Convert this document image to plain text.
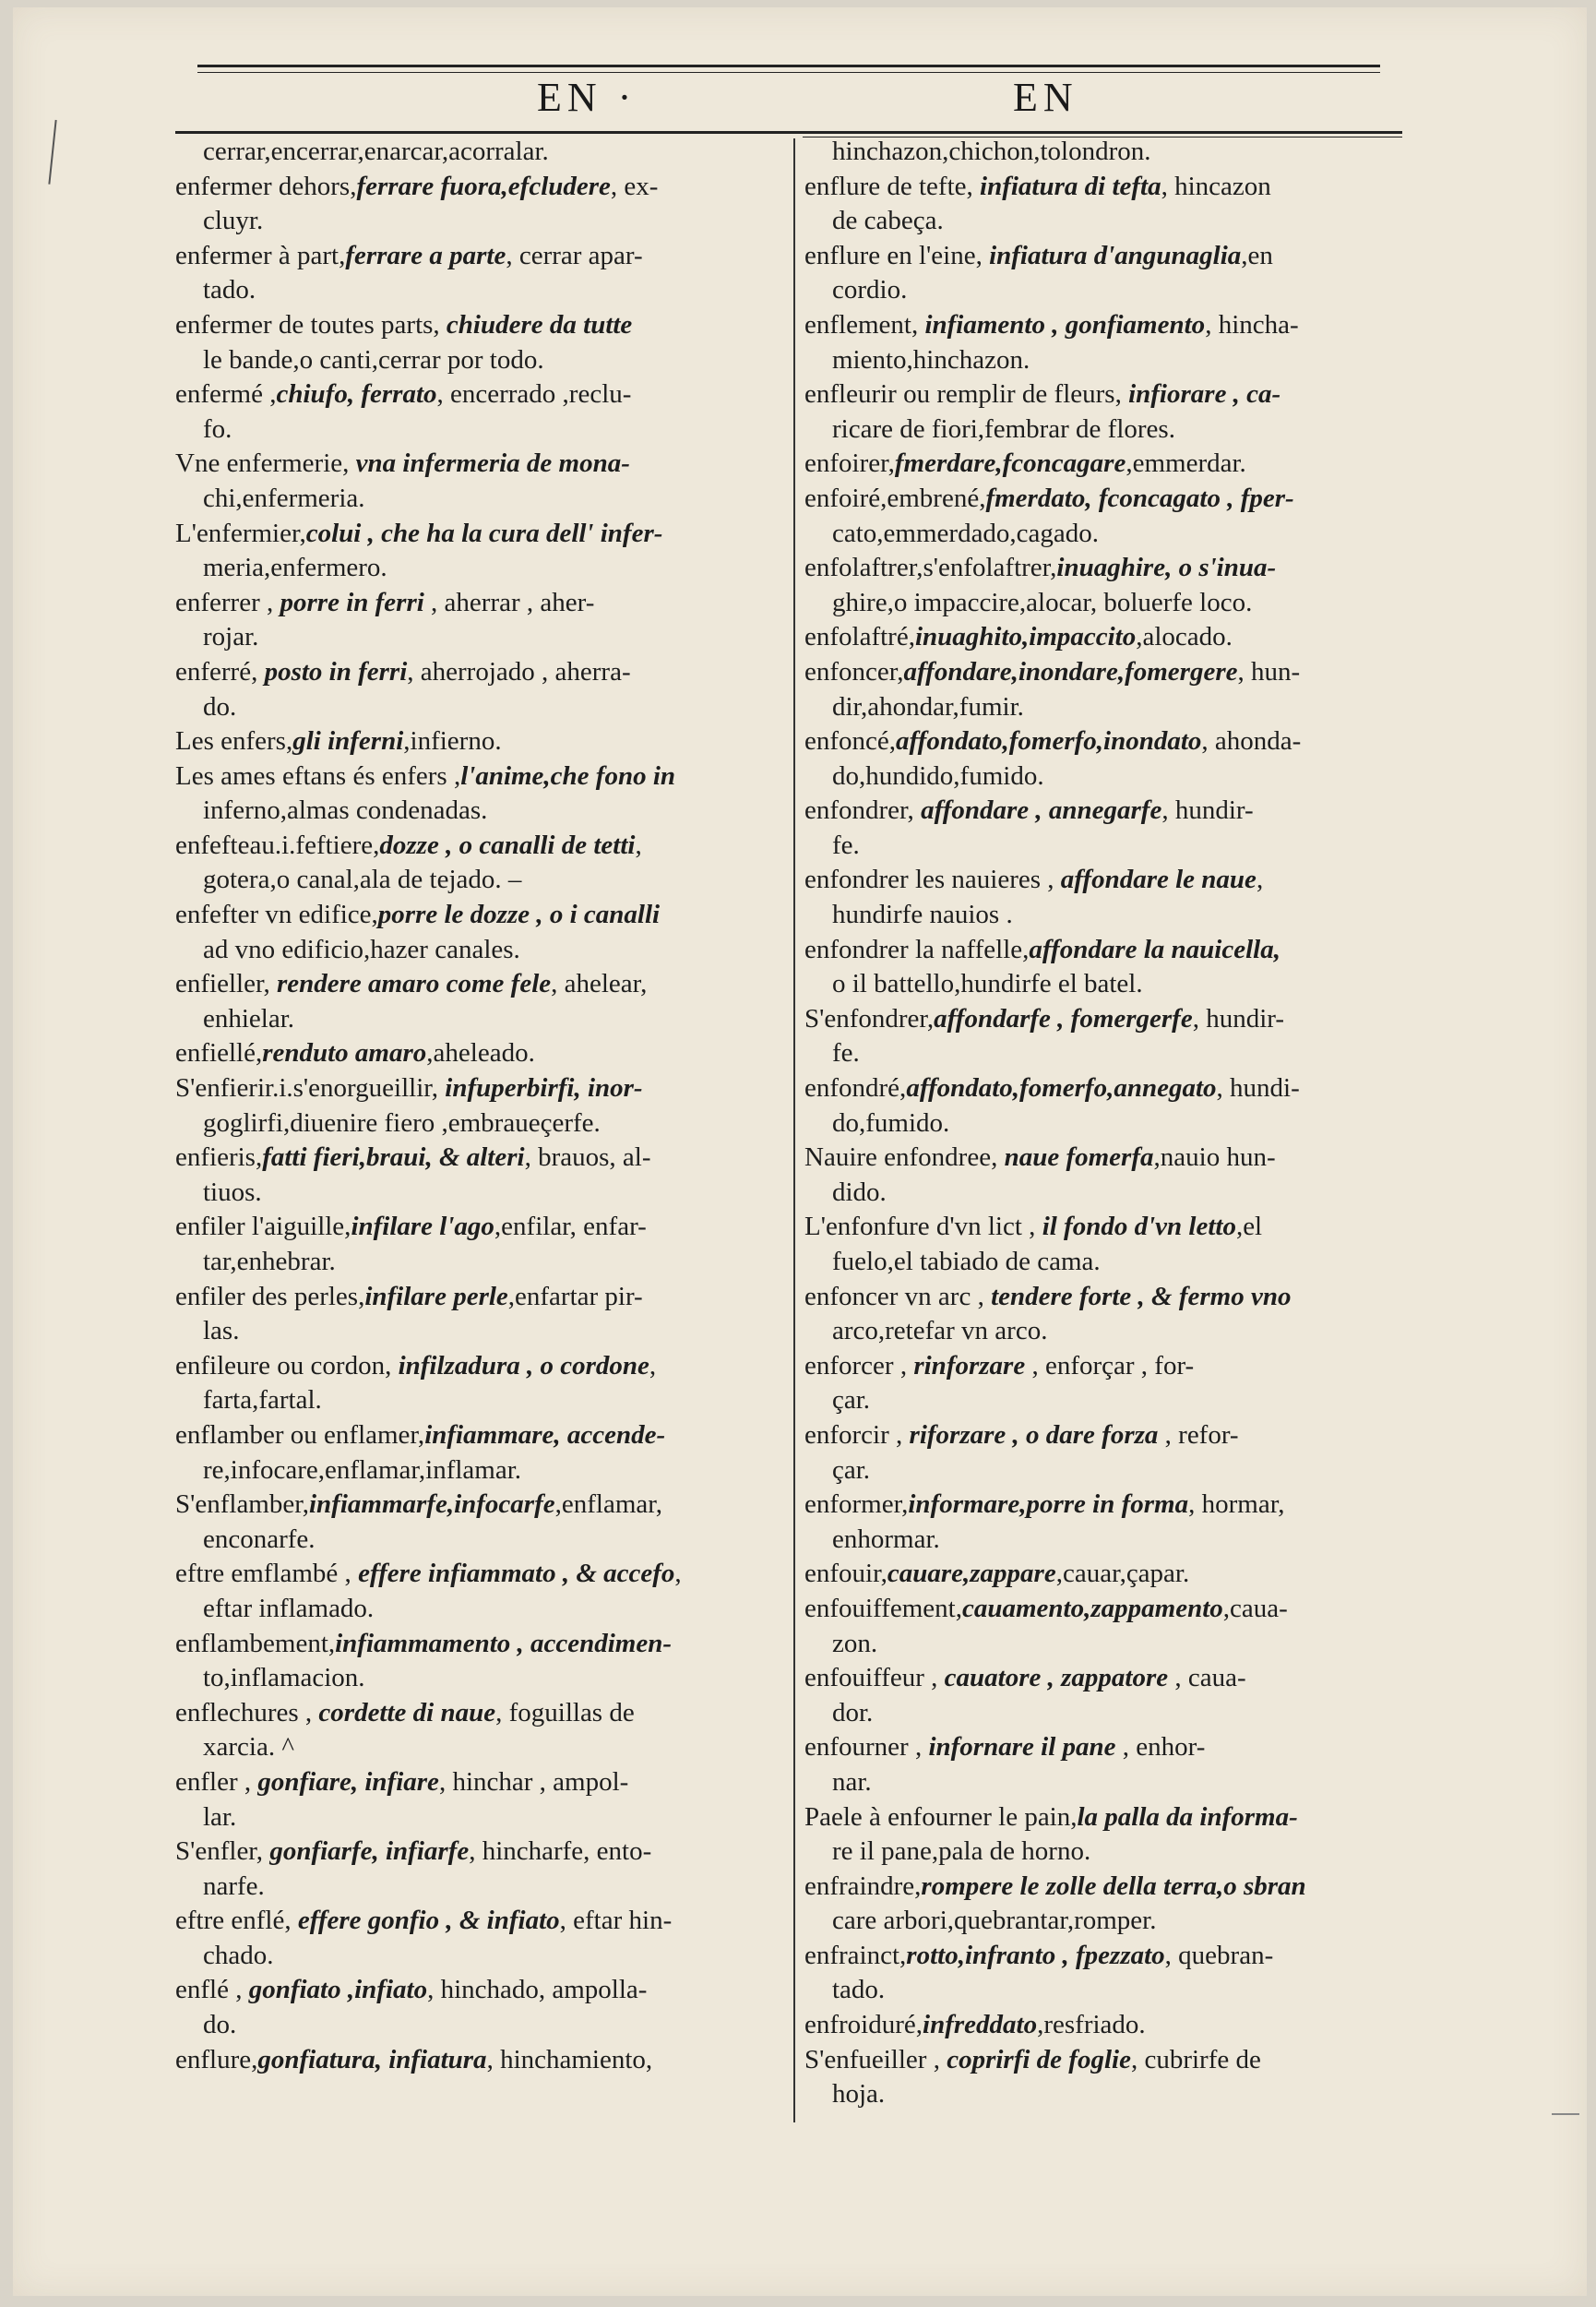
EN ·	EN
cerrar,encerrar,enarcar,acorralar.
enfermer dehors,ferrare fuora,efcludere, ex-
cluyr.
enfermer à part,ferrare a parte, cerrar apar-
tado.
enfermer de toutes parts, chiudere da tutte
le bande,o canti,cerrar por todo.
enfermé ,chiufo, ferrato, encerrado ,reclu-
fo.
Vne enfermerie, vna infermeria de mona-
chi,enfermeria.
L'enfermier,colui , che ha la cura dell' infer-
meria,enfermero.
enferrer , porre in ferri , aherrar , aher-
rojar.
enferré, posto in ferri, aherrojado , aherra-
do.
Les enfers,gli inferni,infierno.
Les ames eftans és enfers ,l'anime,che fono in
inferno,almas condenadas.
enfefteau.i.feftiere,dozze , o canalli de tetti,
gotera,o canal,ala de tejado. –
enfefter vn edifice,porre le dozze , o i canalli
ad vno edificio,hazer canales.
enfieller, rendere amaro come fele, ahelear,
enhielar.
enfiellé,renduto amaro,aheleado.
S'enfierir.i.s'enorgueillir, infuperbirfi, inor-
goglirfi,diuenire fiero ,embraueçerfe.
enfieris,fatti fieri,braui, & alteri, brauos, al-
tiuos.
enfiler l'aiguille,infilare l'ago,enfilar, enfar-
tar,enhebrar.
enfiler des perles,infilare perle,enfartar pir-
las.
enfileure ou cordon, infilzadura , o cordone,
farta,fartal.
enflamber ou enflamer,infiammare, accende-
re,infocare,enflamar,inflamar.
S'enflamber,infiammarfe,infocarfe,enflamar,
enconarfe.
eftre emflambé , effere infiammato , & accefo,
eftar inflamado.
enflambement,infiammamento , accendimen-
to,inflamacion.
enflechures , cordette di naue, foguillas de
xarcia. ^
enfler , gonfiare, infiare, hinchar , ampol-
lar.
S'enfler, gonfiarfe, infiarfe, hincharfe, ento-
narfe.
eftre enflé, effere gonfio , & infiato, eftar hin-
chado.
enflé , gonfiato ,infiato, hinchado, ampolla-
do.
enflure,gonfiatura, infiatura, hinchamiento,
hinchazon,chichon,tolondron.
enflure de tefte, infiatura di tefta, hincazon
de cabeça.
enflure en l'eine, infiatura d'angunaglia,en
cordio.
enflement, infiamento , gonfiamento, hincha-
miento,hinchazon.
enfleurir ou remplir de fleurs, infiorare , ca-
ricare de fiori,fembrar de flores.
enfoirer,fmerdare,fconcagare,emmerdar.
enfoiré,embrené,fmerdato, fconcagato , fper-
cato,emmerdado,cagado.
enfolaftrer,s'enfolaftrer,inuaghire, o s'inua-
ghire,o impaccire,alocar, boluerfe loco.
enfolaftré,inuaghito,impaccito,alocado.
enfoncer,affondare,inondare,fomergere, hun-
dir,ahondar,fumir.
enfoncé,affondato,fomerfo,inondato, ahonda-
do,hundido,fumido.
enfondrer, affondare , annegarfe, hundir-
fe.
enfondrer les nauieres , affondare le naue,
hundirfe nauios .
enfondrer la naffelle,affondare la nauicella,
o il battello,hundirfe el batel.
S'enfondrer,affondarfe , fomergerfe, hundir-
fe.
enfondré,affondato,fomerfo,annegato, hundi-
do,fumido.
Nauire enfondree, naue fomerfa,nauio hun-
dido.
L'enfonfure d'vn lict , il fondo d'vn letto,el
fuelo,el tabiado de cama.
enfoncer vn arc , tendere forte , & fermo vno
arco,retefar vn arco.
enforcer , rinforzare , enforçar , for-
çar.
enforcir , riforzare , o dare forza , refor-
çar.
enformer,informare,porre in forma, hormar,
enhormar.
enfouir,cauare,zappare,cauar,çapar.
enfouiffement,cauamento,zappamento,caua-
zon.
enfouiffeur , cauatore , zappatore , caua-
dor.
enfourner , infornare il pane , enhor-
nar.
Paele à enfourner le pain,la palla da informa-
re il pane,pala de horno.
enfraindre,rompere le zolle della terra,o sbran
care arbori,quebrantar,romper.
enfrainct,rotto,infranto , fpezzato, quebran-
tado.
enfroiduré,infreddato,resfriado.
S'enfueiller , coprirfi de foglie, cubrirfe de
hoja.
